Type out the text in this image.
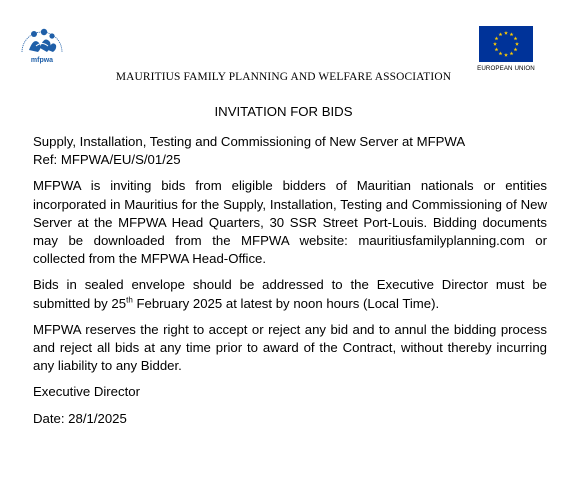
mfpwa
EUROPEAN UNION
MAURITIUS FAMILY PLANNING AND WELFARE ASSOCIATION
INVITATION FOR BIDS

Supply, Installation, Testing and Commissioning of New Server at MFPWA
Ref: MFPWA/EU/S/01/25

MFPWA is inviting bids from eligible bidders of Mauritian nationals or entities incorporated in Mauritius for the Supply, Installation, Testing and Commissioning of New Server at the MFPWA Head Quarters, 30 SSR Street Port-Louis. Bidding documents may be downloaded from the MFPWA website: mauritiusfamilyplanning.com or collected from the MFPWA Head-Office.

Bids in sealed envelope should be addressed to the Executive Director must be submitted by 25th February 2025 at latest by noon hours (Local Time).

MFPWA reserves the right to accept or reject any bid and to annul the bidding process and reject all bids at any time prior to award of the Contract, without thereby incurring any liability to any Bidder.

Executive Director

Date: 28/1/2025
